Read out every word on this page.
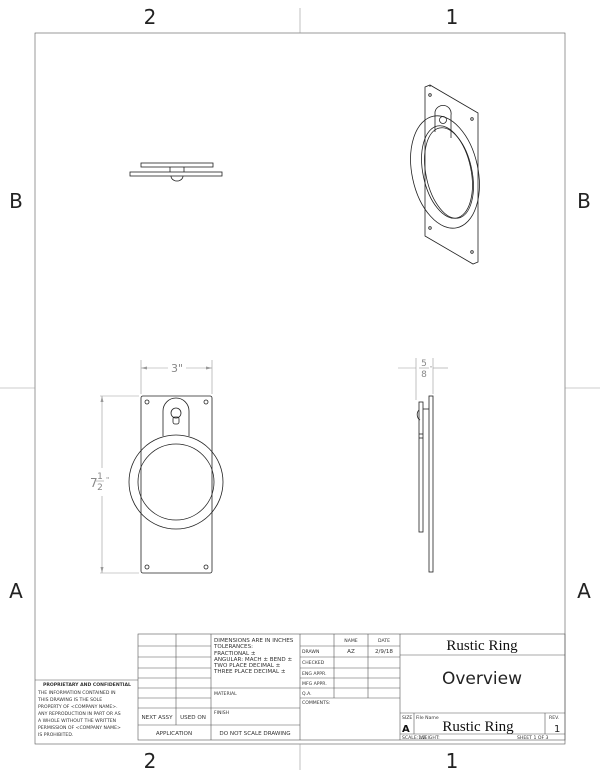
2	1
2	1
B
A
B
A
3"
7 1
2
"
5
8
"
PROPRIETARY AND CONFIDENTIAL
THE INFORMATION CONTAINED IN
THIS DRAWING IS THE SOLE
PROPERTY OF <COMPANY NAME>.
ANY REPRODUCTION IN PART OR AS
A WHOLE WITHOUT THE WRITTEN
PERMISSION OF <COMPANY NAME>
IS PROHIBITED.
NEXT ASSY USED ON
APPLICATION
DIMENSIONS ARE IN INCHES
TOLERANCES:
FRACTIONAL ±
ANGULAR: MACH ± BEND ±
TWO PLACE DECIMAL ±
THREE PLACE DECIMAL ±
MATERIAL
FINISH
DO NOT SCALE DRAWING
NAME	DATE
DRAWN	AZ	2/9/18
CHECKED
ENG APPR.
MFG APPR.
Q.A.
COMMENTS:
Rustic Ring
Overview
SIZE
A
File Name
Rustic Ring
REV.
1
SCALE:1:2
WEIGHT:	SHEET 1 OF 3
